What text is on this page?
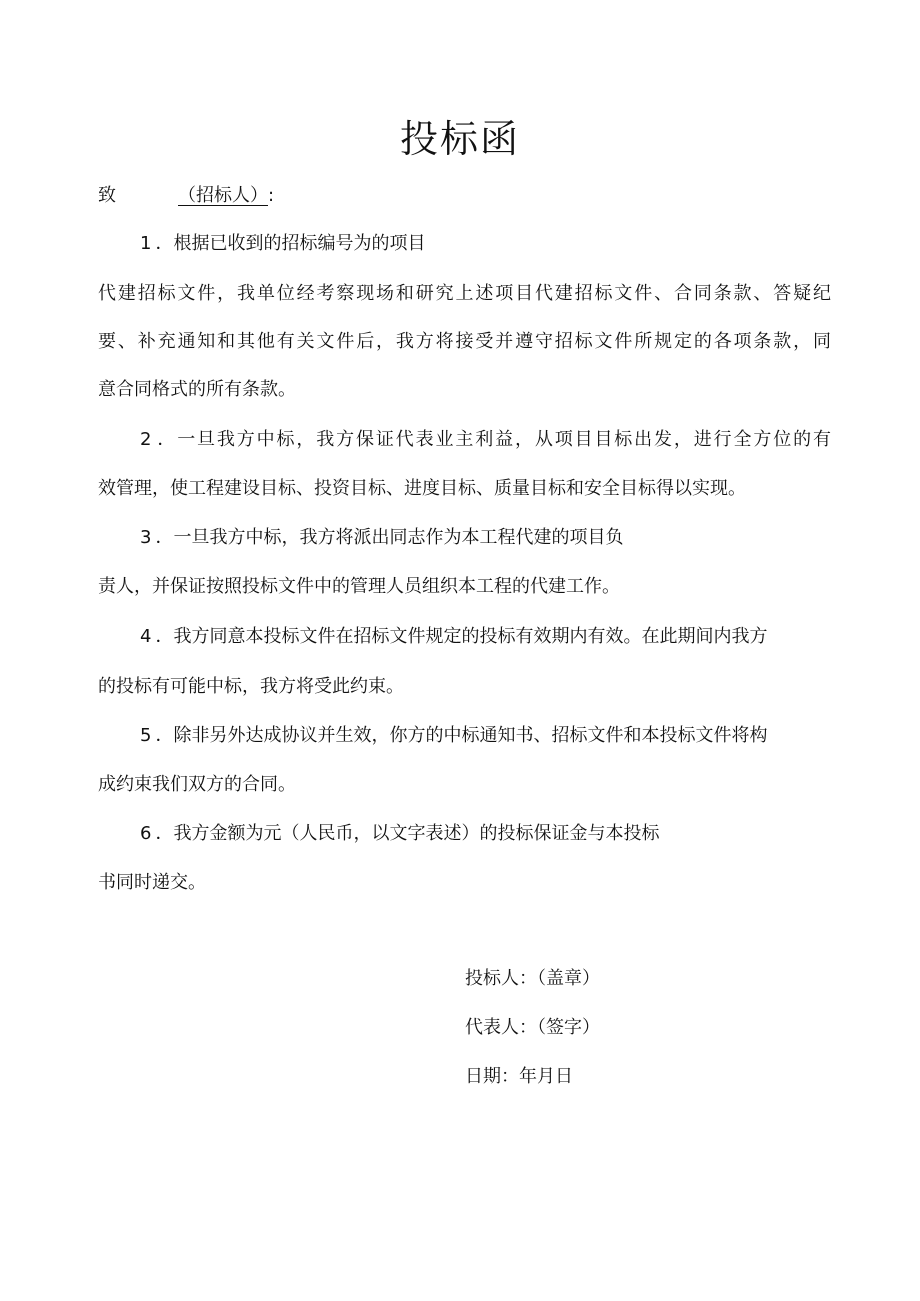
投标函
致	（招标人）:
1 ．根据已收到的招标编号为的项目
代建招标文件，我单位经考察现场和研究上述项目代建招标文件、合同条款、答疑纪
要、补充通知和其他有关文件后，我方将接受并遵守招标文件所规定的各项条款，同
意合同格式的所有条款。
2 ．一旦我方中标，我方保证代表业主利益，从项目目标出发，进行全方位的有
效管理，使工程建设目标、投资目标、进度目标、质量目标和安全目标得以实现。
3 ．一旦我方中标，我方将派出同志作为本工程代建的项目负
责人，并保证按照投标文件中的管理人员组织本工程的代建工作。
4 ．我方同意本投标文件在招标文件规定的投标有效期内有效。在此期间内我方
的投标有可能中标，我方将受此约束。
5 ．除非另外达成协议并生效，你方的中标通知书、招标文件和本投标文件将构
成约束我们双方的合同。
6 ．我方金额为元（人民币，以文字表述）的投标保证金与本投标
书同时递交。
投标人：（盖章）
代表人：（签字）
日期：年月日
